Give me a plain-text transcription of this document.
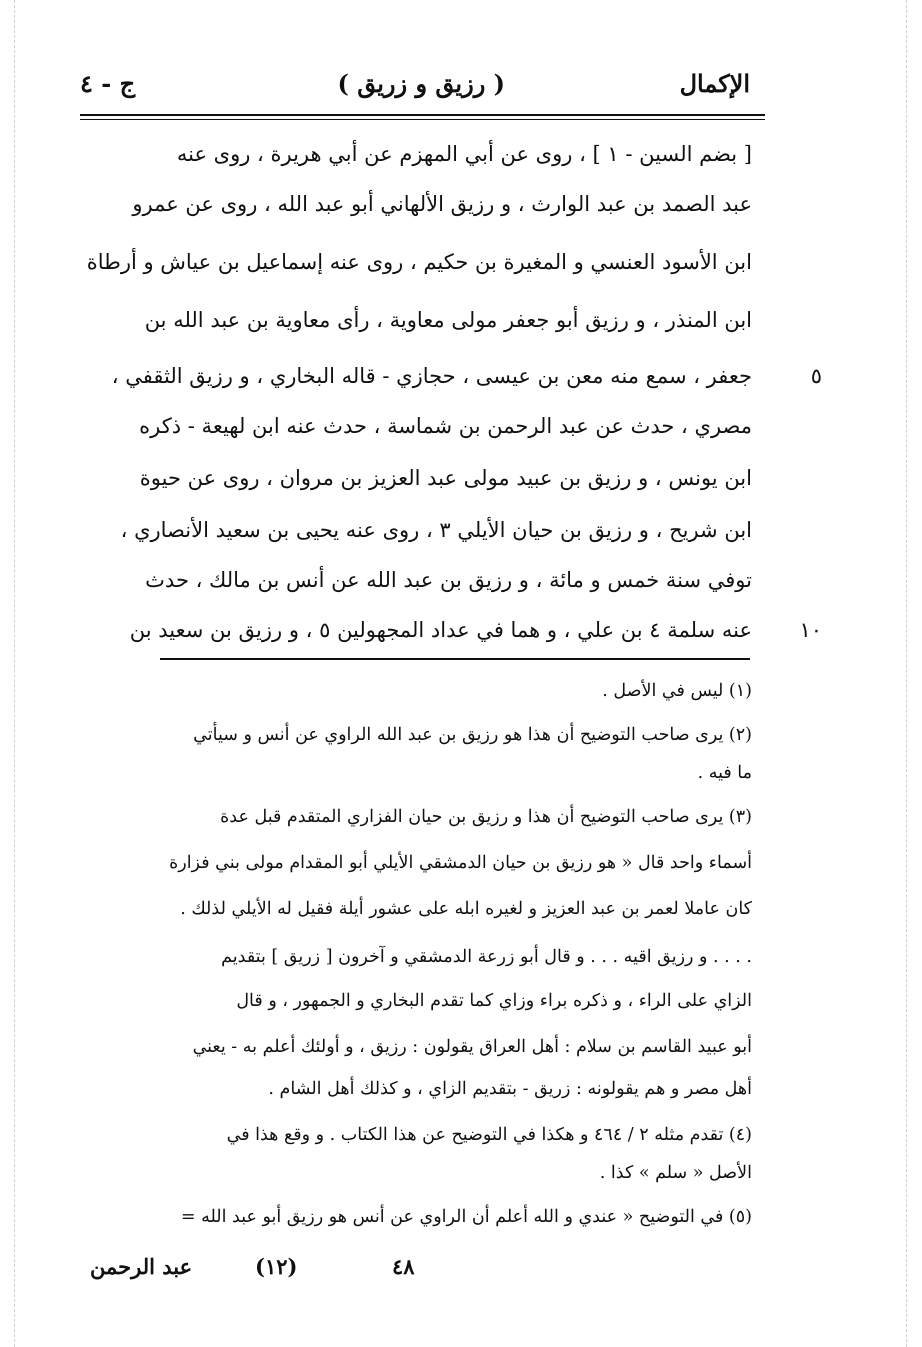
الإكمال
( رزيق و زريق )
ج - ٤
[ بضم السين - ١ ] ، روى عن أبي المهزم عن أبي هريرة ، روى عنه
عبد الصمد بن عبد الوارث ، و رزيق الألهاني أبو عبد الله ، روى عن عمرو
ابن الأسود العنسي و المغيرة بن حكيم ، روى عنه إسماعيل بن عياش و أرطاة
ابن المنذر ، و رزيق أبو جعفر مولى معاوية ، رأى معاوية بن عبد الله بن
٥
جعفر ، سمع منه معن بن عيسى ، حجازي - قاله البخاري ، و رزيق الثقفي ،
مصري ، حدث عن عبد الرحمن بن شماسة ، حدث عنه ابن لهيعة - ذكره
ابن يونس ، و رزيق بن عبيد مولى عبد العزيز بن مروان ، روى عن حيوة
ابن شريح ، و رزيق بن حيان الأيلي ٣ ، روى عنه يحيى بن سعيد الأنصاري ،
توفي سنة خمس و مائة ، و رزيق بن عبد الله عن أنس بن مالك ، حدث
١٠
عنه سلمة ٤ بن علي ، و هما في عداد المجهولين ٥ ، و رزيق بن سعيد بن
(١) ليس في الأصل .
(٢) يرى صاحب التوضيح أن هذا هو رزيق بن عبد الله الراوي عن أنس و سيأتي
ما فيه .
(٣) يرى صاحب التوضيح أن هذا و رزيق بن حيان الفزاري المتقدم قبل عدة
أسماء واحد قال « هو رزيق بن حيان الدمشقي الأيلي أبو المقدام مولى بني فزارة
كان عاملا لعمر بن عبد العزيز و لغيره ابله على عشور أيلة فقيل له الأيلي لذلك .
. . . . و رزيق اقيه . . . و قال أبو زرعة الدمشقي و آخرون [ زريق ] بتقديم
الزاي على الراء ، و ذكره براء وزاي كما تقدم البخاري و الجمهور ، و قال
أبو عبيد القاسم بن سلام : أهل العراق يقولون : رزيق ، و أولئك أعلم به - يعني
أهل مصر و هم يقولونه : زريق - بتقديم الزاي ، و كذلك أهل الشام .
(٤) تقدم مثله ٢ / ٤٦٤ و هكذا في التوضيح عن هذا الكتاب . و وقع هذا في
الأصل « سلم » كذا .
(٥) في التوضيح « عندي و الله أعلم أن الراوي عن أنس هو رزيق أبو عبد الله =
عبد الرحمن	(١٢)	٤٨
